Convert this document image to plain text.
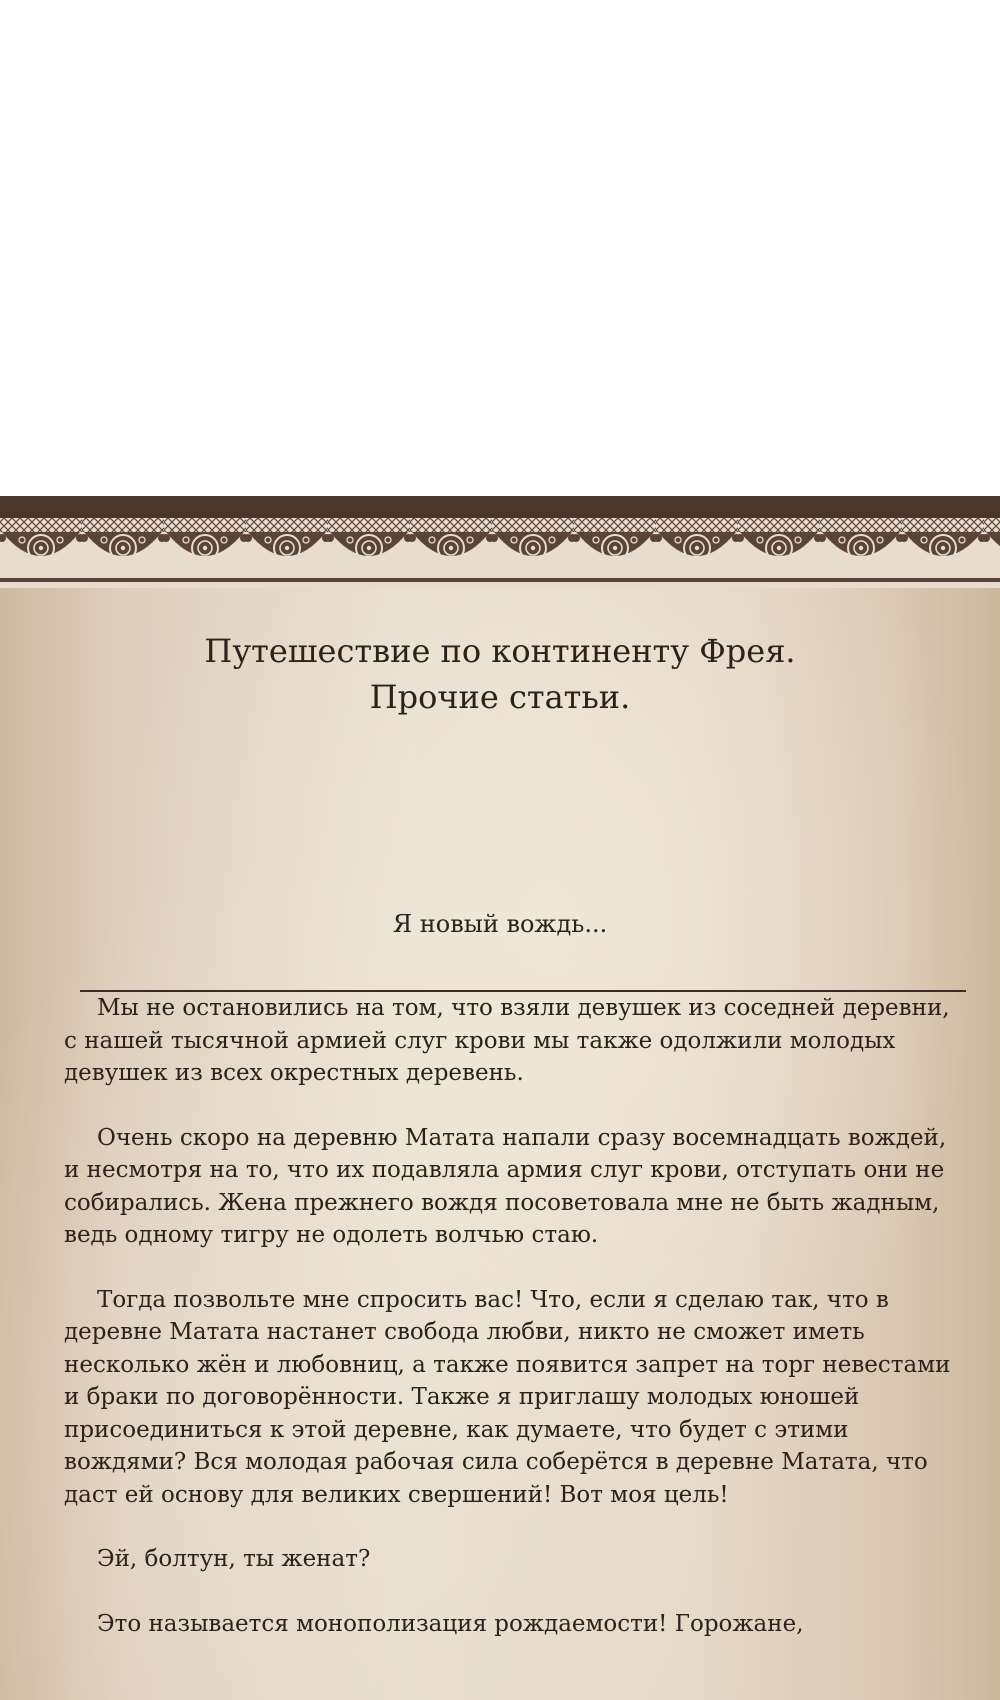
Путешествие по континенту Фрея.
Прочие статьи.
Я новый вождь...

Мы не остановились на том, что взяли девушек из соседней деревни, с нашей тысячной армией слуг крови мы также одолжили молодых девушек из всех окрестных деревень.

Очень скоро на деревню Матата напали сразу восемнадцать вождей, и несмотря на то, что их подавляла армия слуг крови, отступать они не собирались. Жена прежнего вождя посоветовала мне не быть жадным, ведь одному тигру не одолеть волчью стаю.

Тогда позвольте мне спросить вас! Что, если я сделаю так, что в деревне Матата настанет свобода любви, никто не сможет иметь несколько жён и любовниц, а также появится запрет на торг невестами и браки по договорённости. Также я приглашу молодых юношей присоединиться к этой деревне, как думаете, что будет с этими вождями? Вся молодая рабочая сила соберётся в деревне Матата, что даст ей основу для великих свершений! Вот моя цель!

Эй, болтун, ты женат?

Это называется монополизация рождаемости! Горожане,
